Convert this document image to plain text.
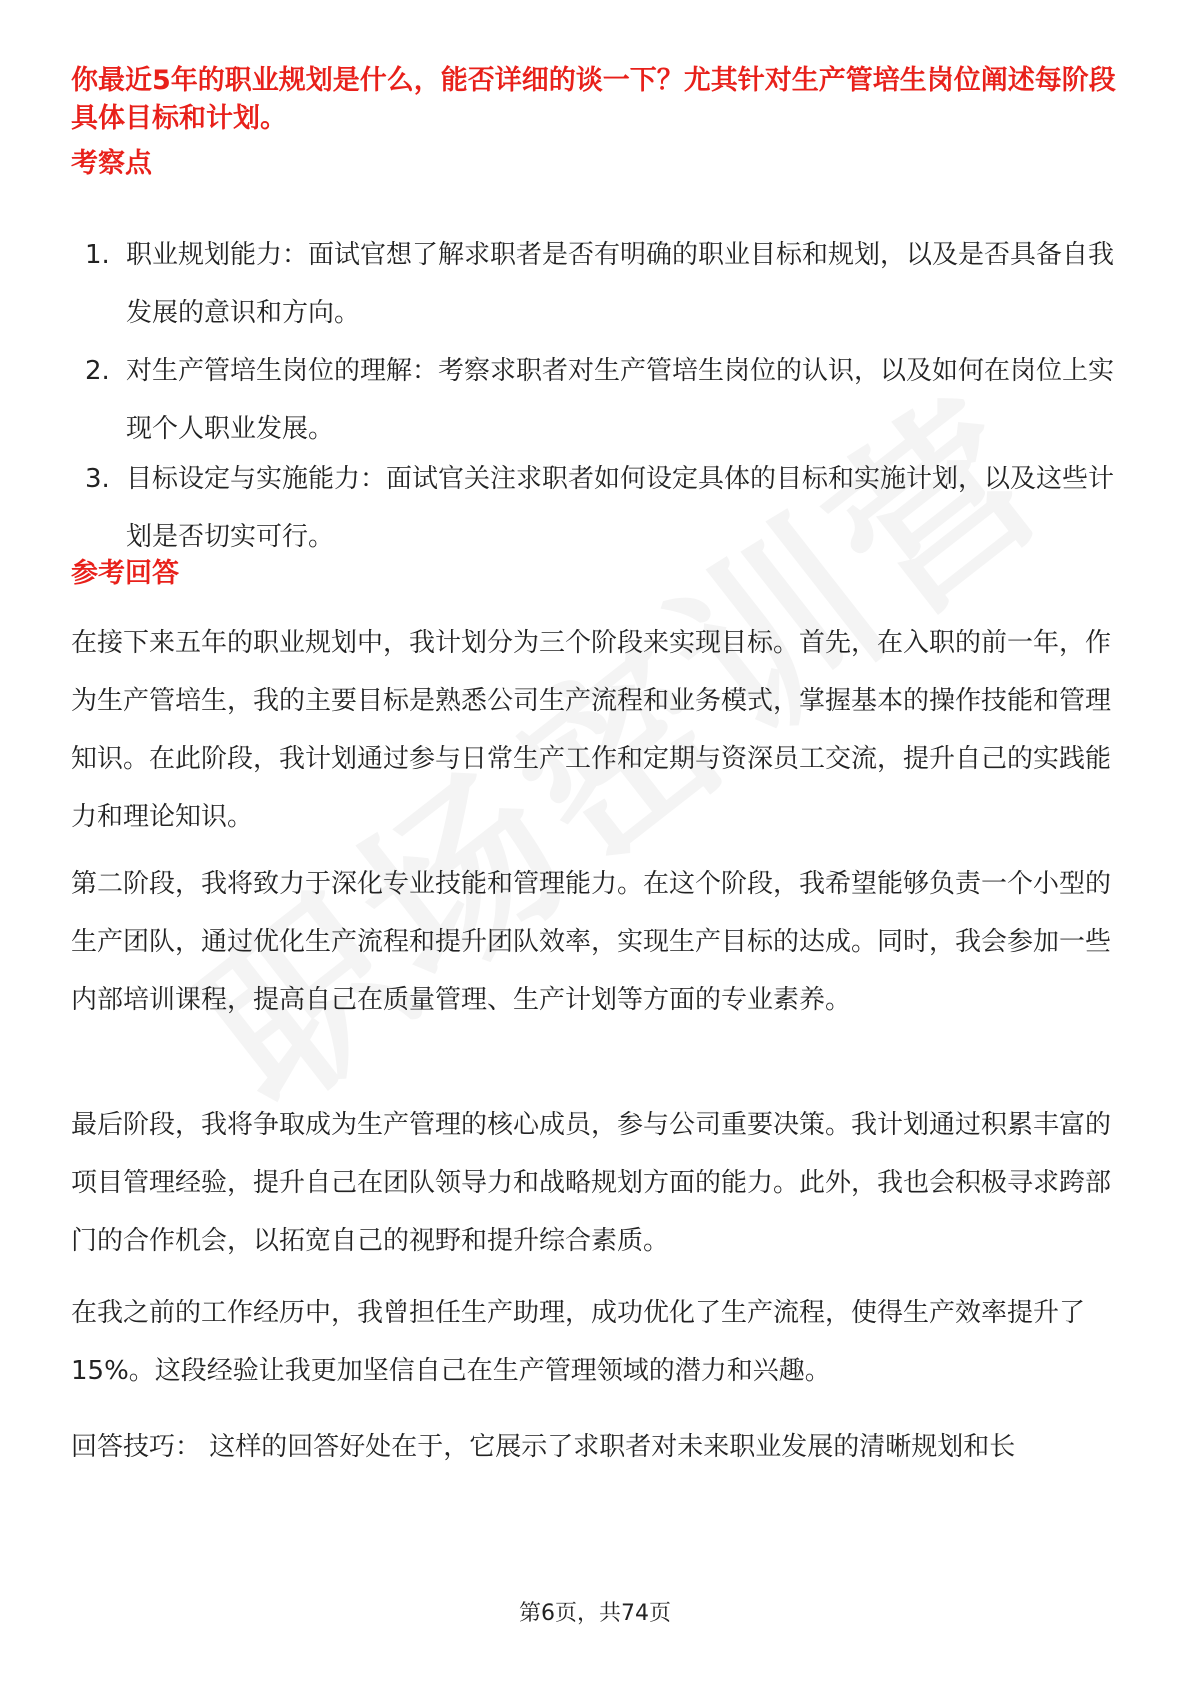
你最近5年的职业规划是什么，能否详细的谈一下？尤其针对生产管培生岗位阐述每阶段具体目标和计划。
考察点
1. 职业规划能力：面试官想了解求职者是否有明确的职业目标和规划，以及是否具备自我发展的意识和方向。
2. 对生产管培生岗位的理解：考察求职者对生产管培生岗位的认识，以及如何在岗位上实现个人职业发展。
3. 目标设定与实施能力：面试官关注求职者如何设定具体的目标和实施计划，以及这些计划是否切实可行。
参考回答

在接下来五年的职业规划中，我计划分为三个阶段来实现目标。首先，在入职的前一年，作为生产管培生，我的主要目标是熟悉公司生产流程和业务模式，掌握基本的操作技能和管理知识。在此阶段，我计划通过参与日常生产工作和定期与资深员工交流，提升自己的实践能力和理论知识。

第二阶段，我将致力于深化专业技能和管理能力。在这个阶段，我希望能够负责一个小型的生产团队，通过优化生产流程和提升团队效率，实现生产目标的达成。同时，我会参加一些内部培训课程，提高自己在质量管理、生产计划等方面的专业素养。

最后阶段，我将争取成为生产管理的核心成员，参与公司重要决策。我计划通过积累丰富的项目管理经验，提升自己在团队领导力和战略规划方面的能力。此外，我也会积极寻求跨部门的合作机会，以拓宽自己的视野和提升综合素质。

在我之前的工作经历中，我曾担任生产助理，成功优化了生产流程，使得生产效率提升了15%。这段经验让我更加坚信自己在生产管理领域的潜力和兴趣。

回答技巧： 这样的回答好处在于，它展示了求职者对未来职业发展的清晰规划和长

第6页，共74页
